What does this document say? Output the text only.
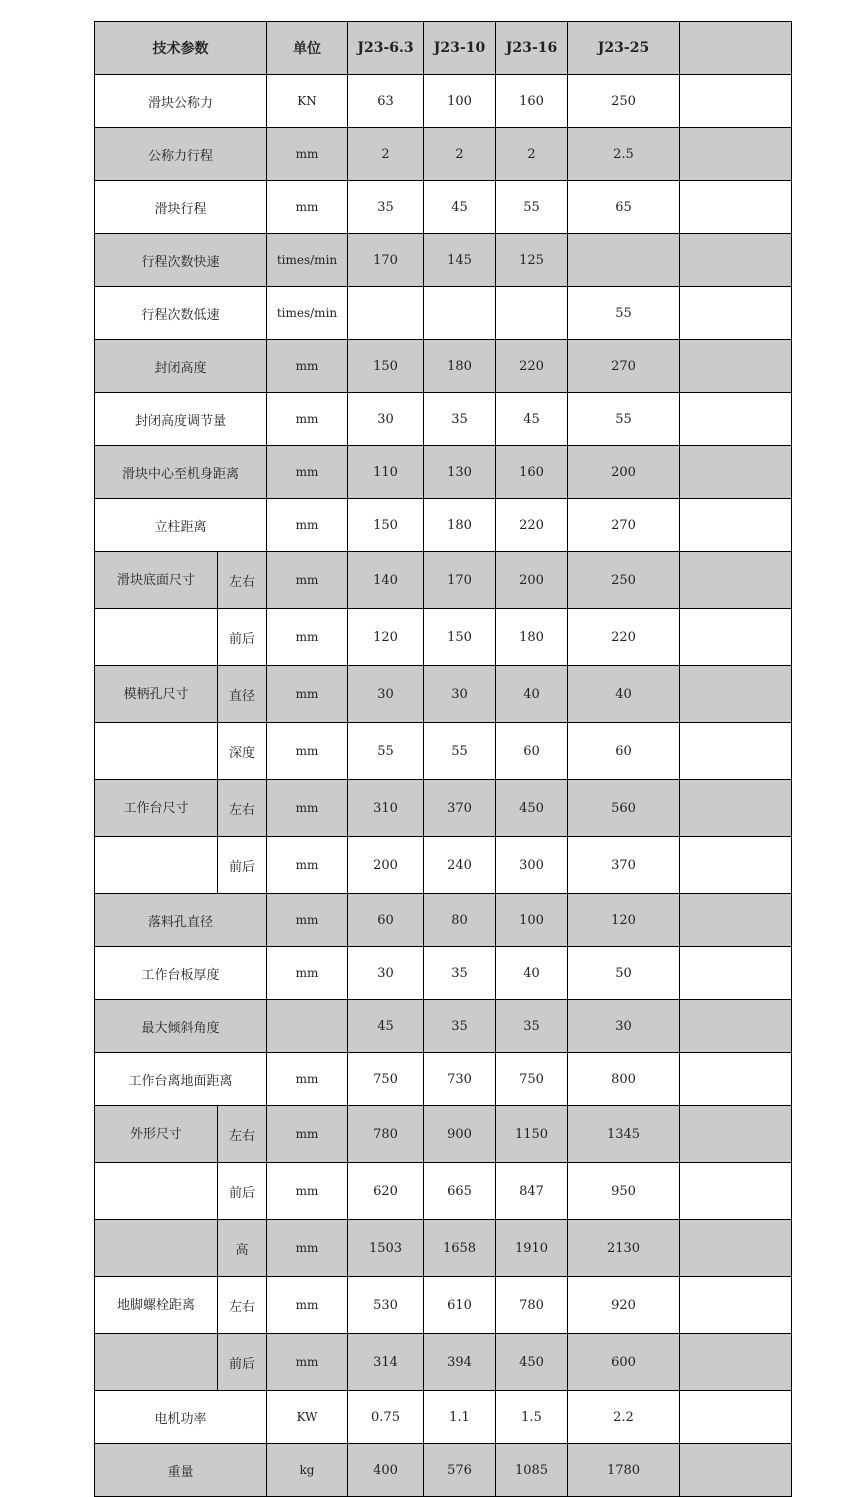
技术参数		单位	J23-6.3	J23-10	J23-16	J23-25	
滑块公称力		KN	63	100	160	250	
公称力行程		mm	2	2	2	2.5	
滑块行程		mm	35	45	55	65	
行程次数快速		times/min	170	145	125		
行程次数低速		times/min				55	
封闭高度		mm	150	180	220	270	
封闭高度调节量		mm	30	35	45	55	
滑块中心至机身距离		mm	110	130	160	200	
立柱距离		mm	150	180	220	270	
滑块底面尺寸	左右	mm	140	170	200	250	
	前后	mm	120	150	180	220	
模柄孔尺寸	直径	mm	30	30	40	40	
	深度	mm	55	55	60	60	
工作台尺寸	左右	mm	310	370	450	560	
	前后	mm	200	240	300	370	
落料孔直径		mm	60	80	100	120	
工作台板厚度		mm	30	35	40	50	
最大倾斜角度			45	35	35	30	
工作台离地面距离		mm	750	730	750	800	
外形尺寸	左右	mm	780	900	1150	1345	
	前后	mm	620	665	847	950	
	高	mm	1503	1658	1910	2130	
地脚螺栓距离	左右	mm	530	610	780	920	
	前后	mm	314	394	450	600	
电机功率		KW	0.75	1.1	1.5	2.2	
重量		kg	400	576	1085	1780	
